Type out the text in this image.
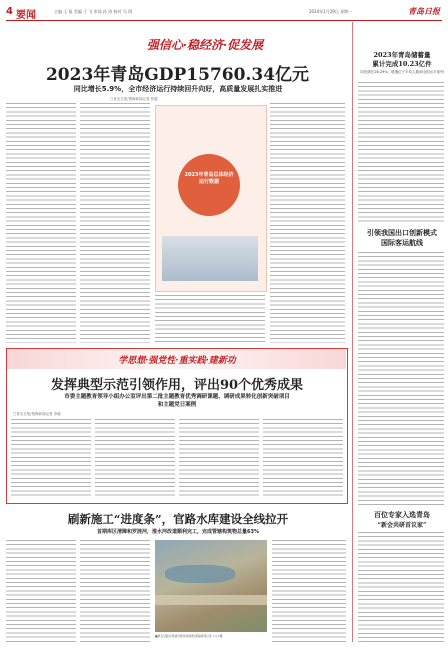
4 要闻	主编 王 磊 美编 于 飞 审读 孙 涛 校对 马 琪	2024年1月29日 星期一	青岛日报
强信心·稳经济·促发展
2023年青岛GDP15760.34亿元
同比增长5.9%，全市经济运行持续回升向好，高质量发展扎实推进
□青岛日报/观海新闻记者 张健
2023年青岛总体经济运行数据
2023年青岛储蓄量
累计完成10.23亿件
同比增长26.29%，增速位于平均人数和全国水平前列
引领我国出口创新模式
国际客运航线
百位专家入选青岛
“新会共研首议家”
学思想·强党性·重实践·建新功
发挥典型示范引领作用，评出90个优秀成果
市委主题教育领导小组办公室评出第二批主题教育优秀调研课题、调研成果转化创新突破项目和主题党日案例
□青岛日报/观海新闻记者 李晓
刷新施工“进度条”，官路水库建设全线拉开
首期库区清障和罗涟河，淮水河改道顺利完工，完成管辖构筑物总量63%
■青岛官路水库建设现场进展图/观海新闻记者 ×××摄
